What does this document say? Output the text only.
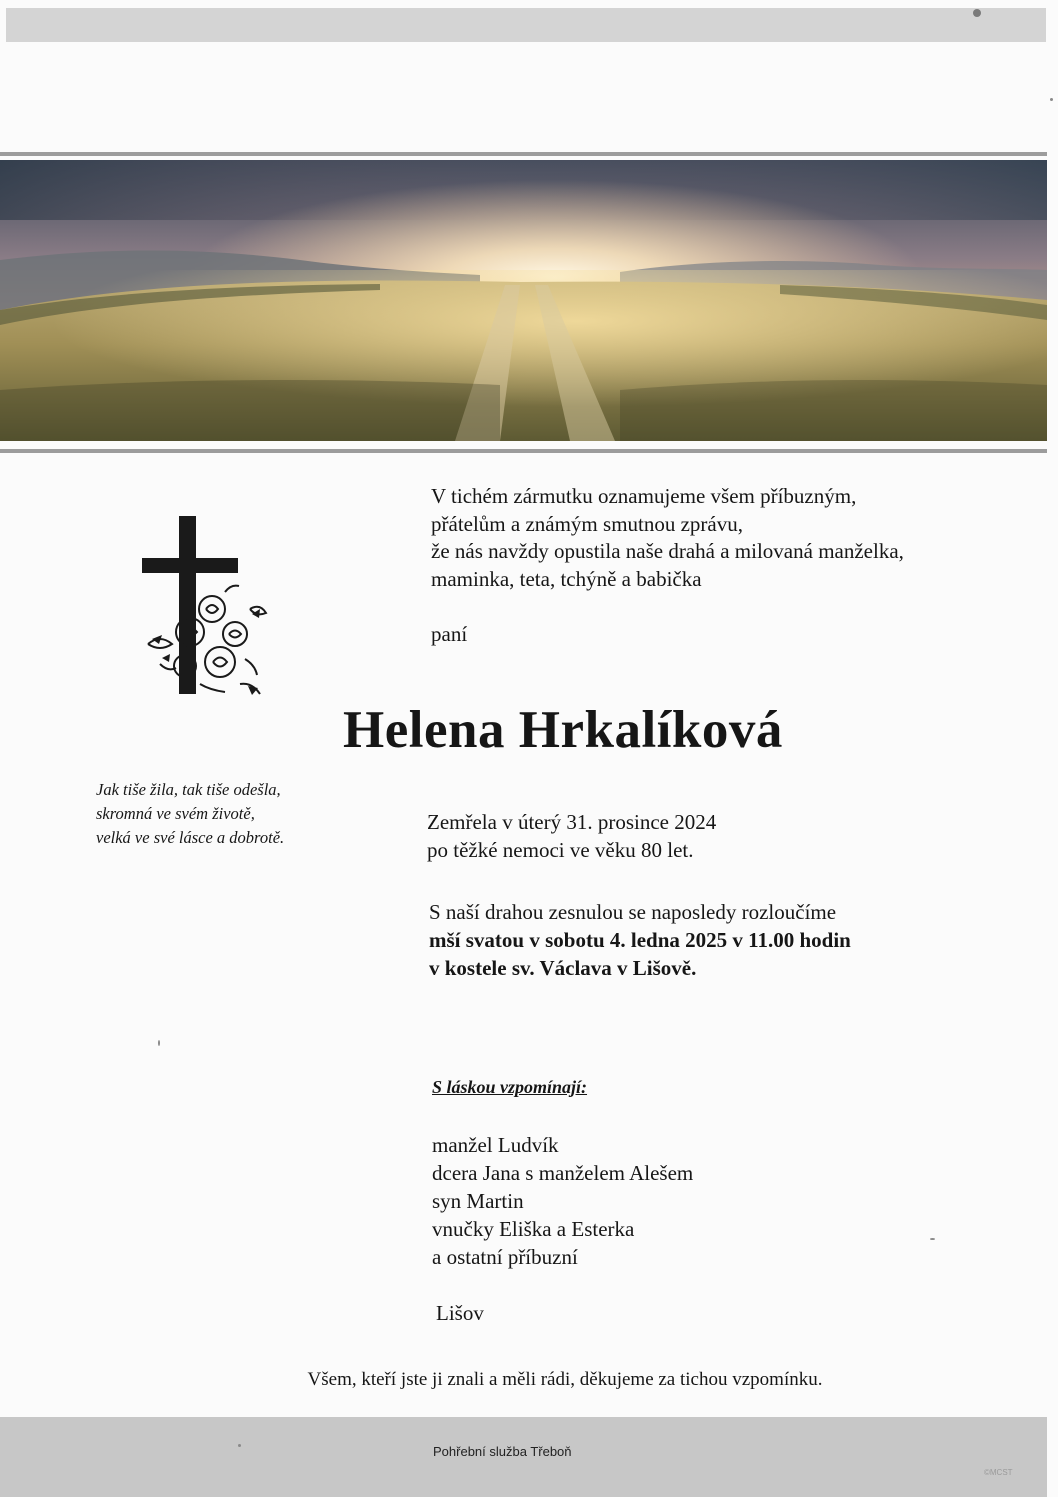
V tichém zármutku oznamujeme všem příbuzným,
přátelům a známým smutnou zprávu,
že nás navždy opustila naše drahá a milovaná manželka,
maminka, teta, tchýně a babička
paní
Helena Hrkalíková
Jak tiše žila, tak tiše odešla,
skromná ve svém životě,
velká ve své lásce a dobrotě.
Zemřela v úterý 31. prosince 2024
po těžké nemoci ve věku 80 let.
S naší drahou zesnulou se naposledy rozloučíme
mší svatou v sobotu 4. ledna 2025 v 11.00 hodin
v kostele sv. Václava v Lišově.
S láskou vzpomínají:
manžel Ludvík
dcera Jana s manželem Alešem
syn Martin
vnučky Eliška a Esterka
a ostatní příbuzní
Lišov
Všem, kteří jste ji znali a měli rádi, děkujeme za tichou vzpomínku.
Pohřební služba Třeboň
©MCST
